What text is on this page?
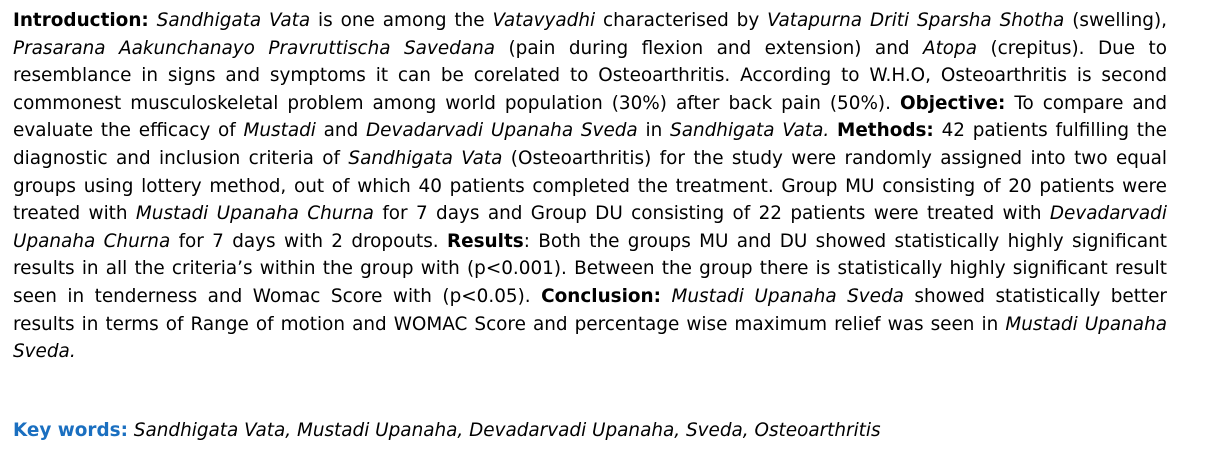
Introduction: Sandhigata Vata is one among the Vatavyadhi characterised by Vatapurna Driti Sparsha Shotha (swelling), Prasarana Aakunchanayo Pravruttischa Savedana (pain during flexion and extension) and Atopa (crepitus). Due to resemblance in signs and symptoms it can be corelated to Osteoarthritis. According to W.H.O, Osteoarthritis is second commonest musculoskeletal problem among world population (30%) after back pain (50%). Objective: To compare and evaluate the efficacy of Mustadi and Devadarvadi Upanaha Sveda in Sandhigata Vata. Methods: 42 patients fulfilling the diagnostic and inclusion criteria of Sandhigata Vata (Osteoarthritis) for the study were randomly assigned into two equal groups using lottery method, out of which 40 patients completed the treatment. Group MU consisting of 20 patients were treated with Mustadi Upanaha Churna for 7 days and Group DU consisting of 22 patients were treated with Devadarvadi Upanaha Churna for 7 days with 2 dropouts. Results: Both the groups MU and DU showed statistically highly significant results in all the criteria’s within the group with (p<0.001). Between the group there is statistically highly significant result seen in tenderness and Womac Score with (p<0.05). Conclusion: Mustadi Upanaha Sveda showed statistically better results in terms of Range of motion and WOMAC Score and percentage wise maximum relief was seen in Mustadi Upanaha Sveda.

Key words: Sandhigata Vata, Mustadi Upanaha, Devadarvadi Upanaha, Sveda, Osteoarthritis
